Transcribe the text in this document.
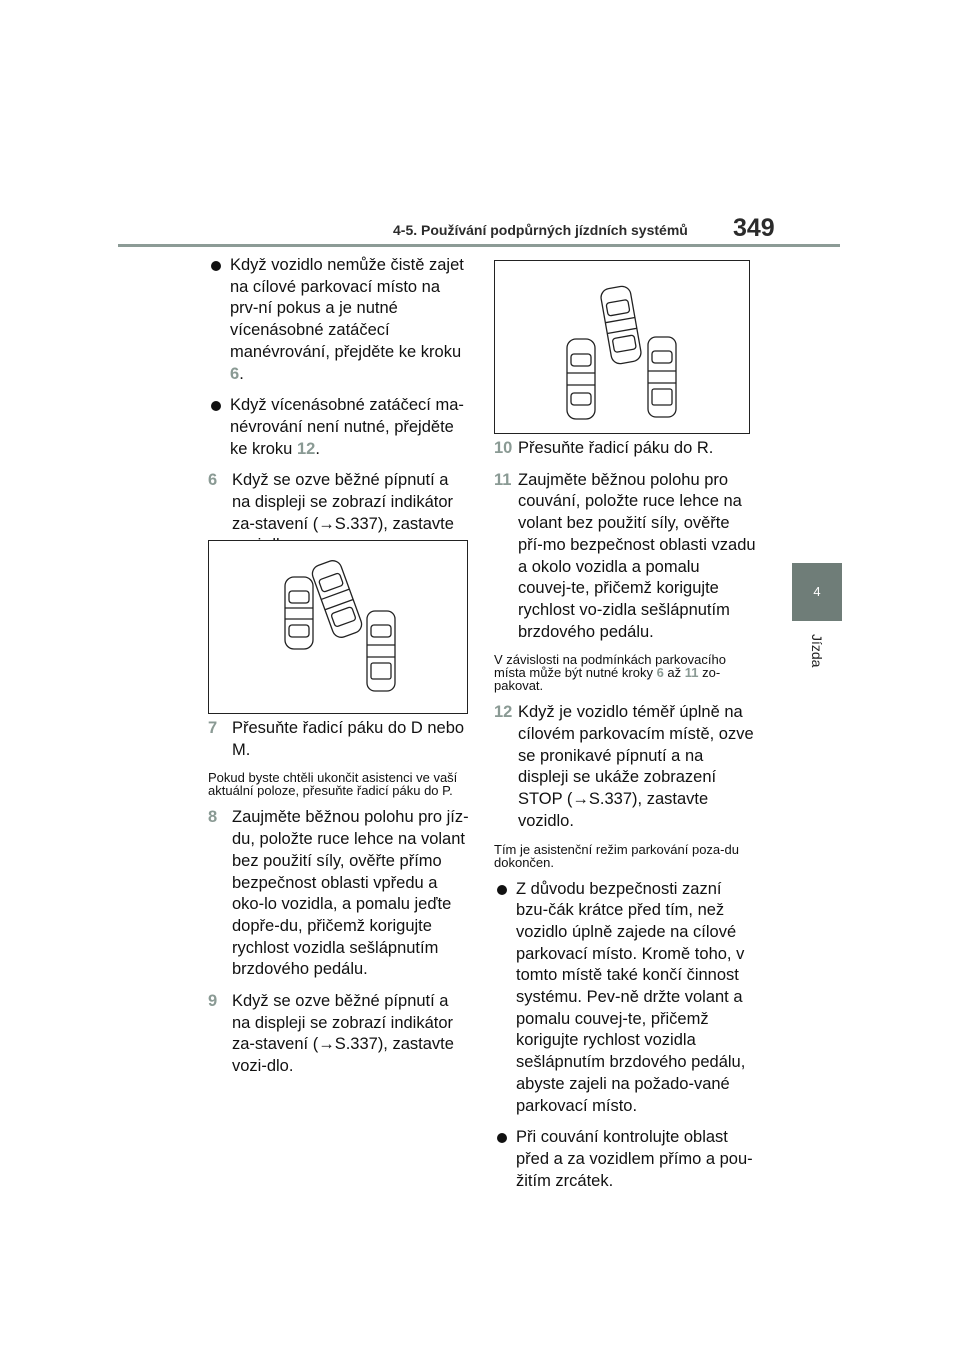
4-5. Používání podpůrných jízdních systémů 349
4
Jízda

Když vozidlo nemůže čistě zajet na cílové parkovací místo na prv-ní pokus a je nutné vícenásobné zatáčecí manévrování, přejděte ke kroku 6.

Když vícenásobné zatáčecí ma-névrování není nutné, přejděte ke kroku 12.

6 Když se ozve běžné pípnutí a na displeji se zobrazí indikátor za-stavení (→S.337), zastavte

7 Přesuňte řadicí páku do D nebo M.

Pokud byste chtěli ukončit asistenci ve vaší aktuální poloze, přesuňte řadicí páku do P.

8 Zaujměte běžnou polohu pro jíz-du, položte ruce lehce na volant bez použití síly, ověřte přímo bezpečnost oblasti vpředu a oko-lo vozidla, a pomalu jeďte dopře-du, přičemž korigujte rychlost vozidla sešlápnutím brzdového pedálu.

9 Když se ozve běžné pípnutí a na displeji se zobrazí indikátor za-stavení (→S.337), zastavte vozi-dlo.

10 Přesuňte řadicí páku do R.

11 Zaujměte běžnou polohu pro couvání, položte ruce lehce na volant bez použití síly, ověřte pří-mo bezpečnost oblasti vzadu a okolo vozidla a pomalu couvej-te, přičemž korigujte rychlost vo-zidla sešlápnutím brzdového pedálu.

V závislosti na podmínkách parkovacího místa může být nutné kroky 6 až 11 zo-pakovat.

12 Když je vozidlo téměř úplně na cílovém parkovacím místě, ozve se pronikavé pípnutí a na displeji se ukáže zobrazení STOP (→S.337), zastavte vozidlo.

Tím je asistenční režim parkování poza-du dokončen.

Z důvodu bezpečnosti zazní bzu-čák krátce před tím, než vozidlo úplně zajede na cílové parkovací místo. Kromě toho, v tomto místě také končí činnost systému. Pev-ně držte volant a pomalu couvej-te, přičemž korigujte rychlost vozidla sešlápnutím brzdového pedálu, abyste zajeli na požado-vané parkovací místo.

Při couvání kontrolujte oblast před a za vozidlem přímo a pou-žitím zrcátek.
